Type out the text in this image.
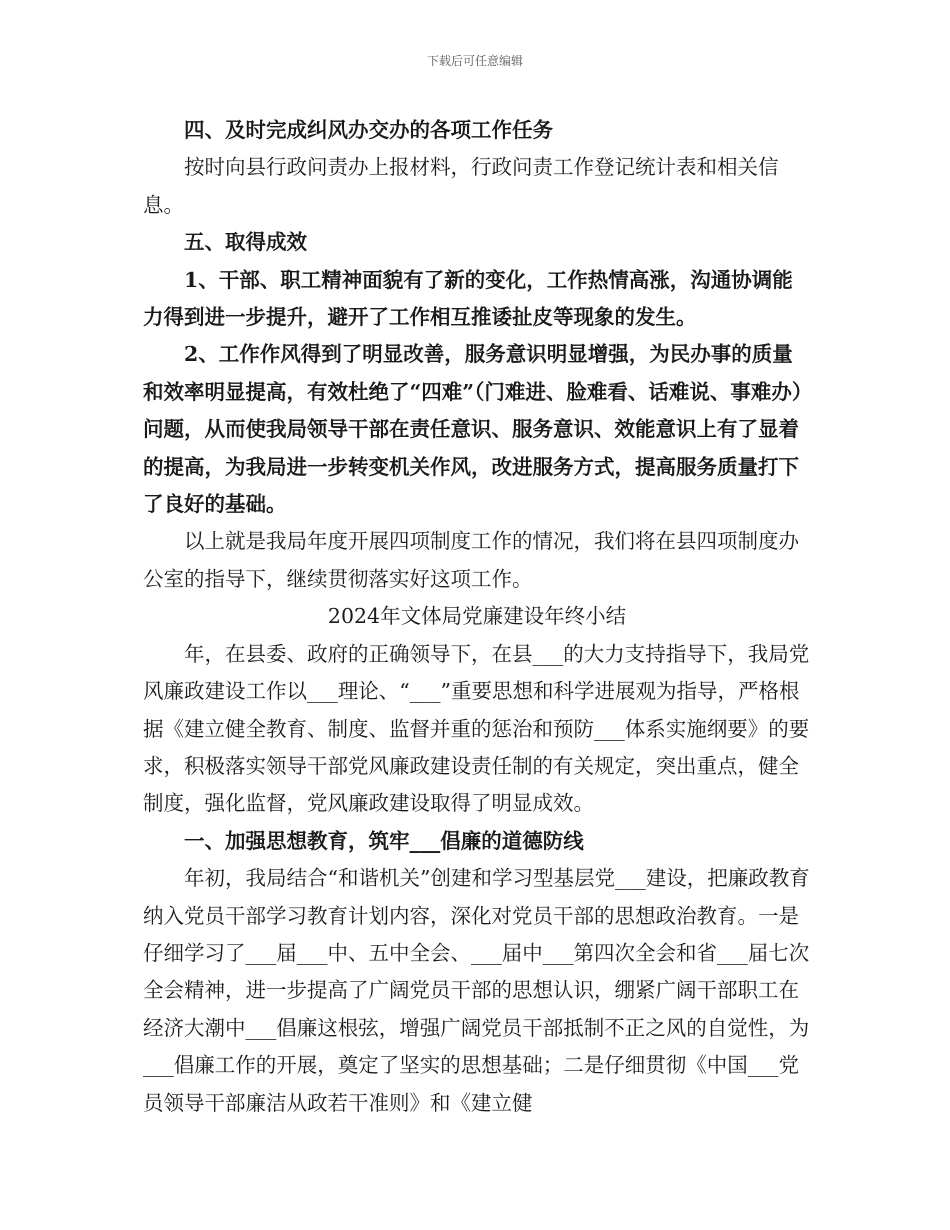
下载后可任意编辑

四、及时完成纠风办交办的各项工作任务

按时向县行政问责办上报材料，行政问责工作登记统计表和相关信息。

五、取得成效

1、干部、职工精神面貌有了新的变化，工作热情高涨，沟通协调能力得到进一步提升，避开了工作相互推诿扯皮等现象的发生。

2、工作作风得到了明显改善，服务意识明显增强，为民办事的质量和效率明显提高，有效杜绝了“四难”（门难进、脸难看、话难说、事难办）问题，从而使我局领导干部在责任意识、服务意识、效能意识上有了显着的提高，为我局进一步转变机关作风，改进服务方式，提高服务质量打下了良好的基础。

以上就是我局年度开展四项制度工作的情况，我们将在县四项制度办公室的指导下，继续贯彻落实好这项工作。

2024年文体局党廉建设年终小结

年，在县委、政府的正确领导下，在县___的大力支持指导下，我局党风廉政建设工作以___理论、“___”重要思想和科学进展观为指导，严格根据《建立健全教育、制度、监督并重的惩治和预防___体系实施纲要》的要求，积极落实领导干部党风廉政建设责任制的有关规定，突出重点，健全制度，强化监督，党风廉政建设取得了明显成效。

一、加强思想教育，筑牢___倡廉的道德防线

年初，我局结合“和谐机关”创建和学习型基层党___建设，把廉政教育纳入党员干部学习教育计划内容，深化对党员干部的思想政治教育。一是仔细学习了___届___中、五中全会、___届中___第四次全会和省___届七次全会精神，进一步提高了广阔党员干部的思想认识，绷紧广阔干部职工在经济大潮中___倡廉这根弦，增强广阔党员干部抵制不正之风的自觉性，为___倡廉工作的开展，奠定了坚实的思想基础；二是仔细贯彻《中国___党员领导干部廉洁从政若干准则》和《建立健
